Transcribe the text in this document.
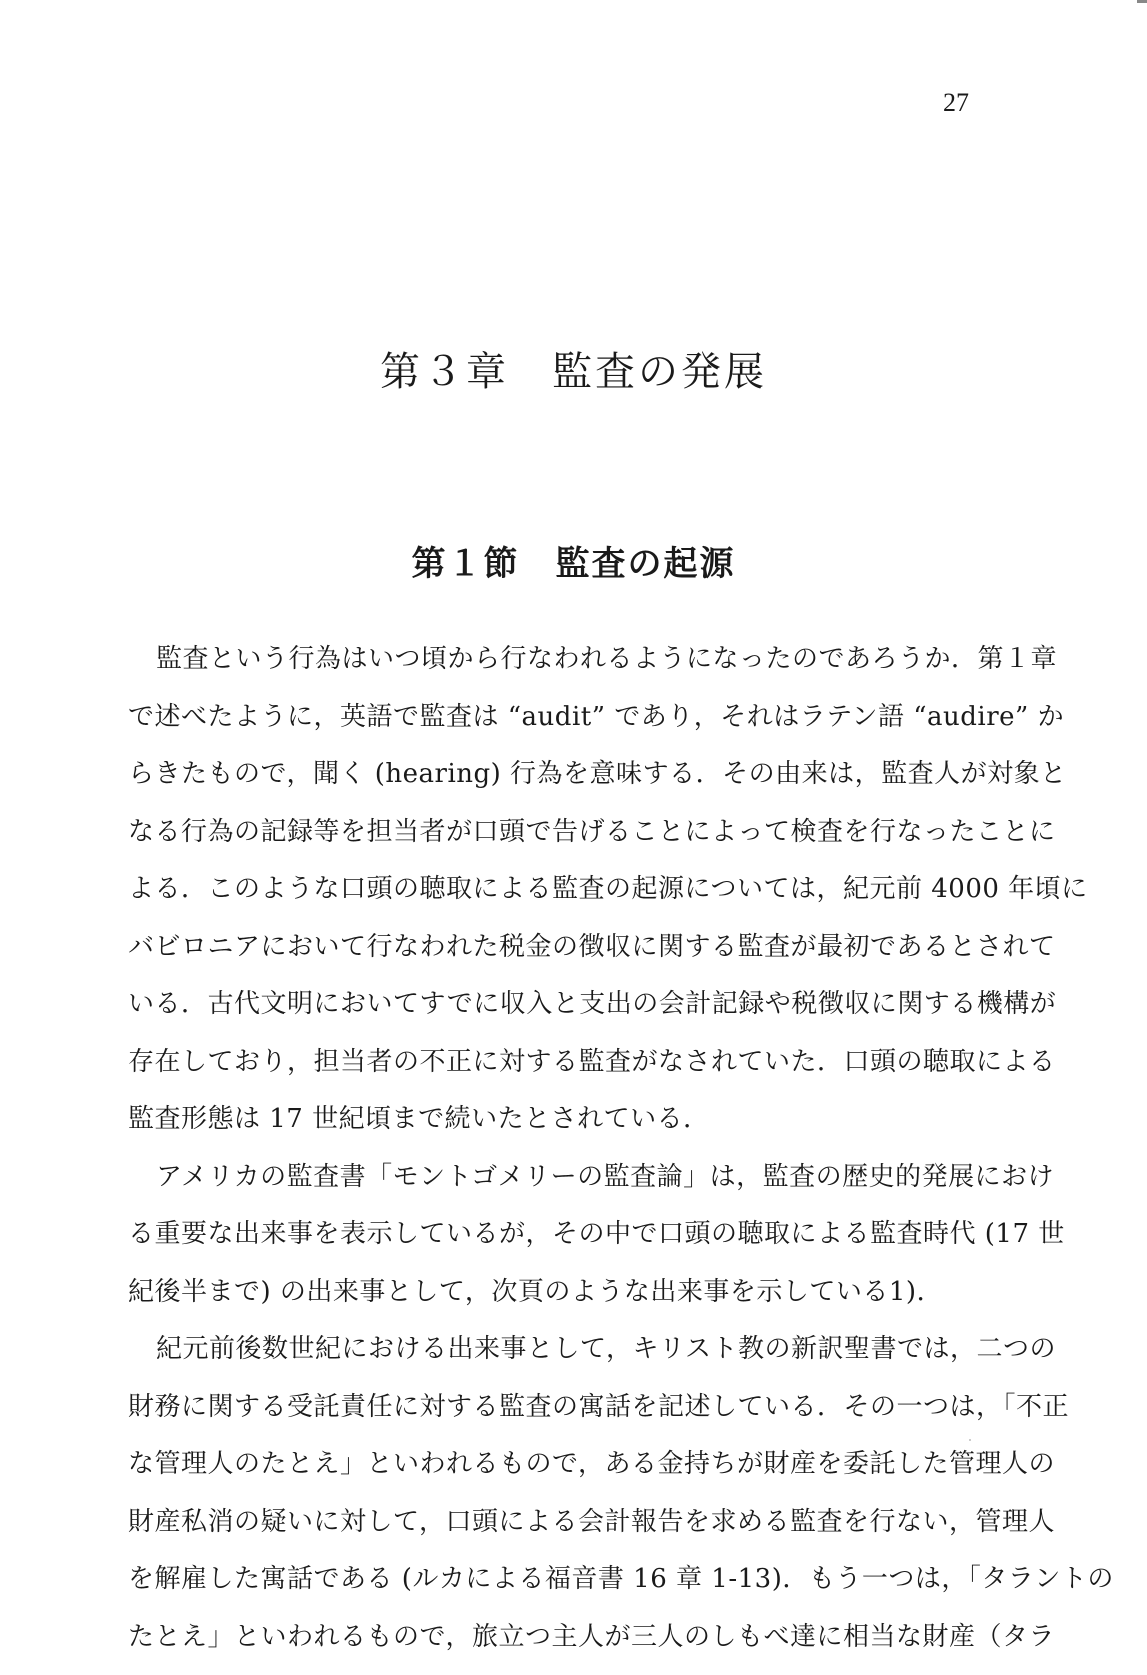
27
第３章　監査の発展
第１節　監査の起源
監査という行為はいつ頃から行なわれるようになったのであろうか．第１章
で述べたように，英語で監査は “audit” であり，それはラテン語 “audire” か
らきたもので，聞く (hearing) 行為を意味する．その由来は，監査人が対象と
なる行為の記録等を担当者が口頭で告げることによって検査を行なったことに
よる．このような口頭の聴取による監査の起源については，紀元前 4000 年頃に
バビロニアにおいて行なわれた税金の徴収に関する監査が最初であるとされて
いる．古代文明においてすでに収入と支出の会計記録や税徴収に関する機構が
存在しており，担当者の不正に対する監査がなされていた．口頭の聴取による
監査形態は 17 世紀頃まで続いたとされている．
アメリカの監査書「モントゴメリーの監査論」は，監査の歴史的発展におけ
る重要な出来事を表示しているが，その中で口頭の聴取による監査時代 (17 世
紀後半まで) の出来事として，次頁のような出来事を示している1)．
紀元前後数世紀における出来事として，キリスト教の新訳聖書では，二つの
財務に関する受託責任に対する監査の寓話を記述している．その一つは，「不正
な管理人のたとえ」といわれるもので，ある金持ちが財産を委託した管理人の
財産私消の疑いに対して，口頭による会計報告を求める監査を行ない，管理人
を解雇した寓話である (ルカによる福音書 16 章 1-13)．もう一つは，「タラントの
たとえ」といわれるもので，旅立つ主人が三人のしもべ達に相当な財産（タラ
